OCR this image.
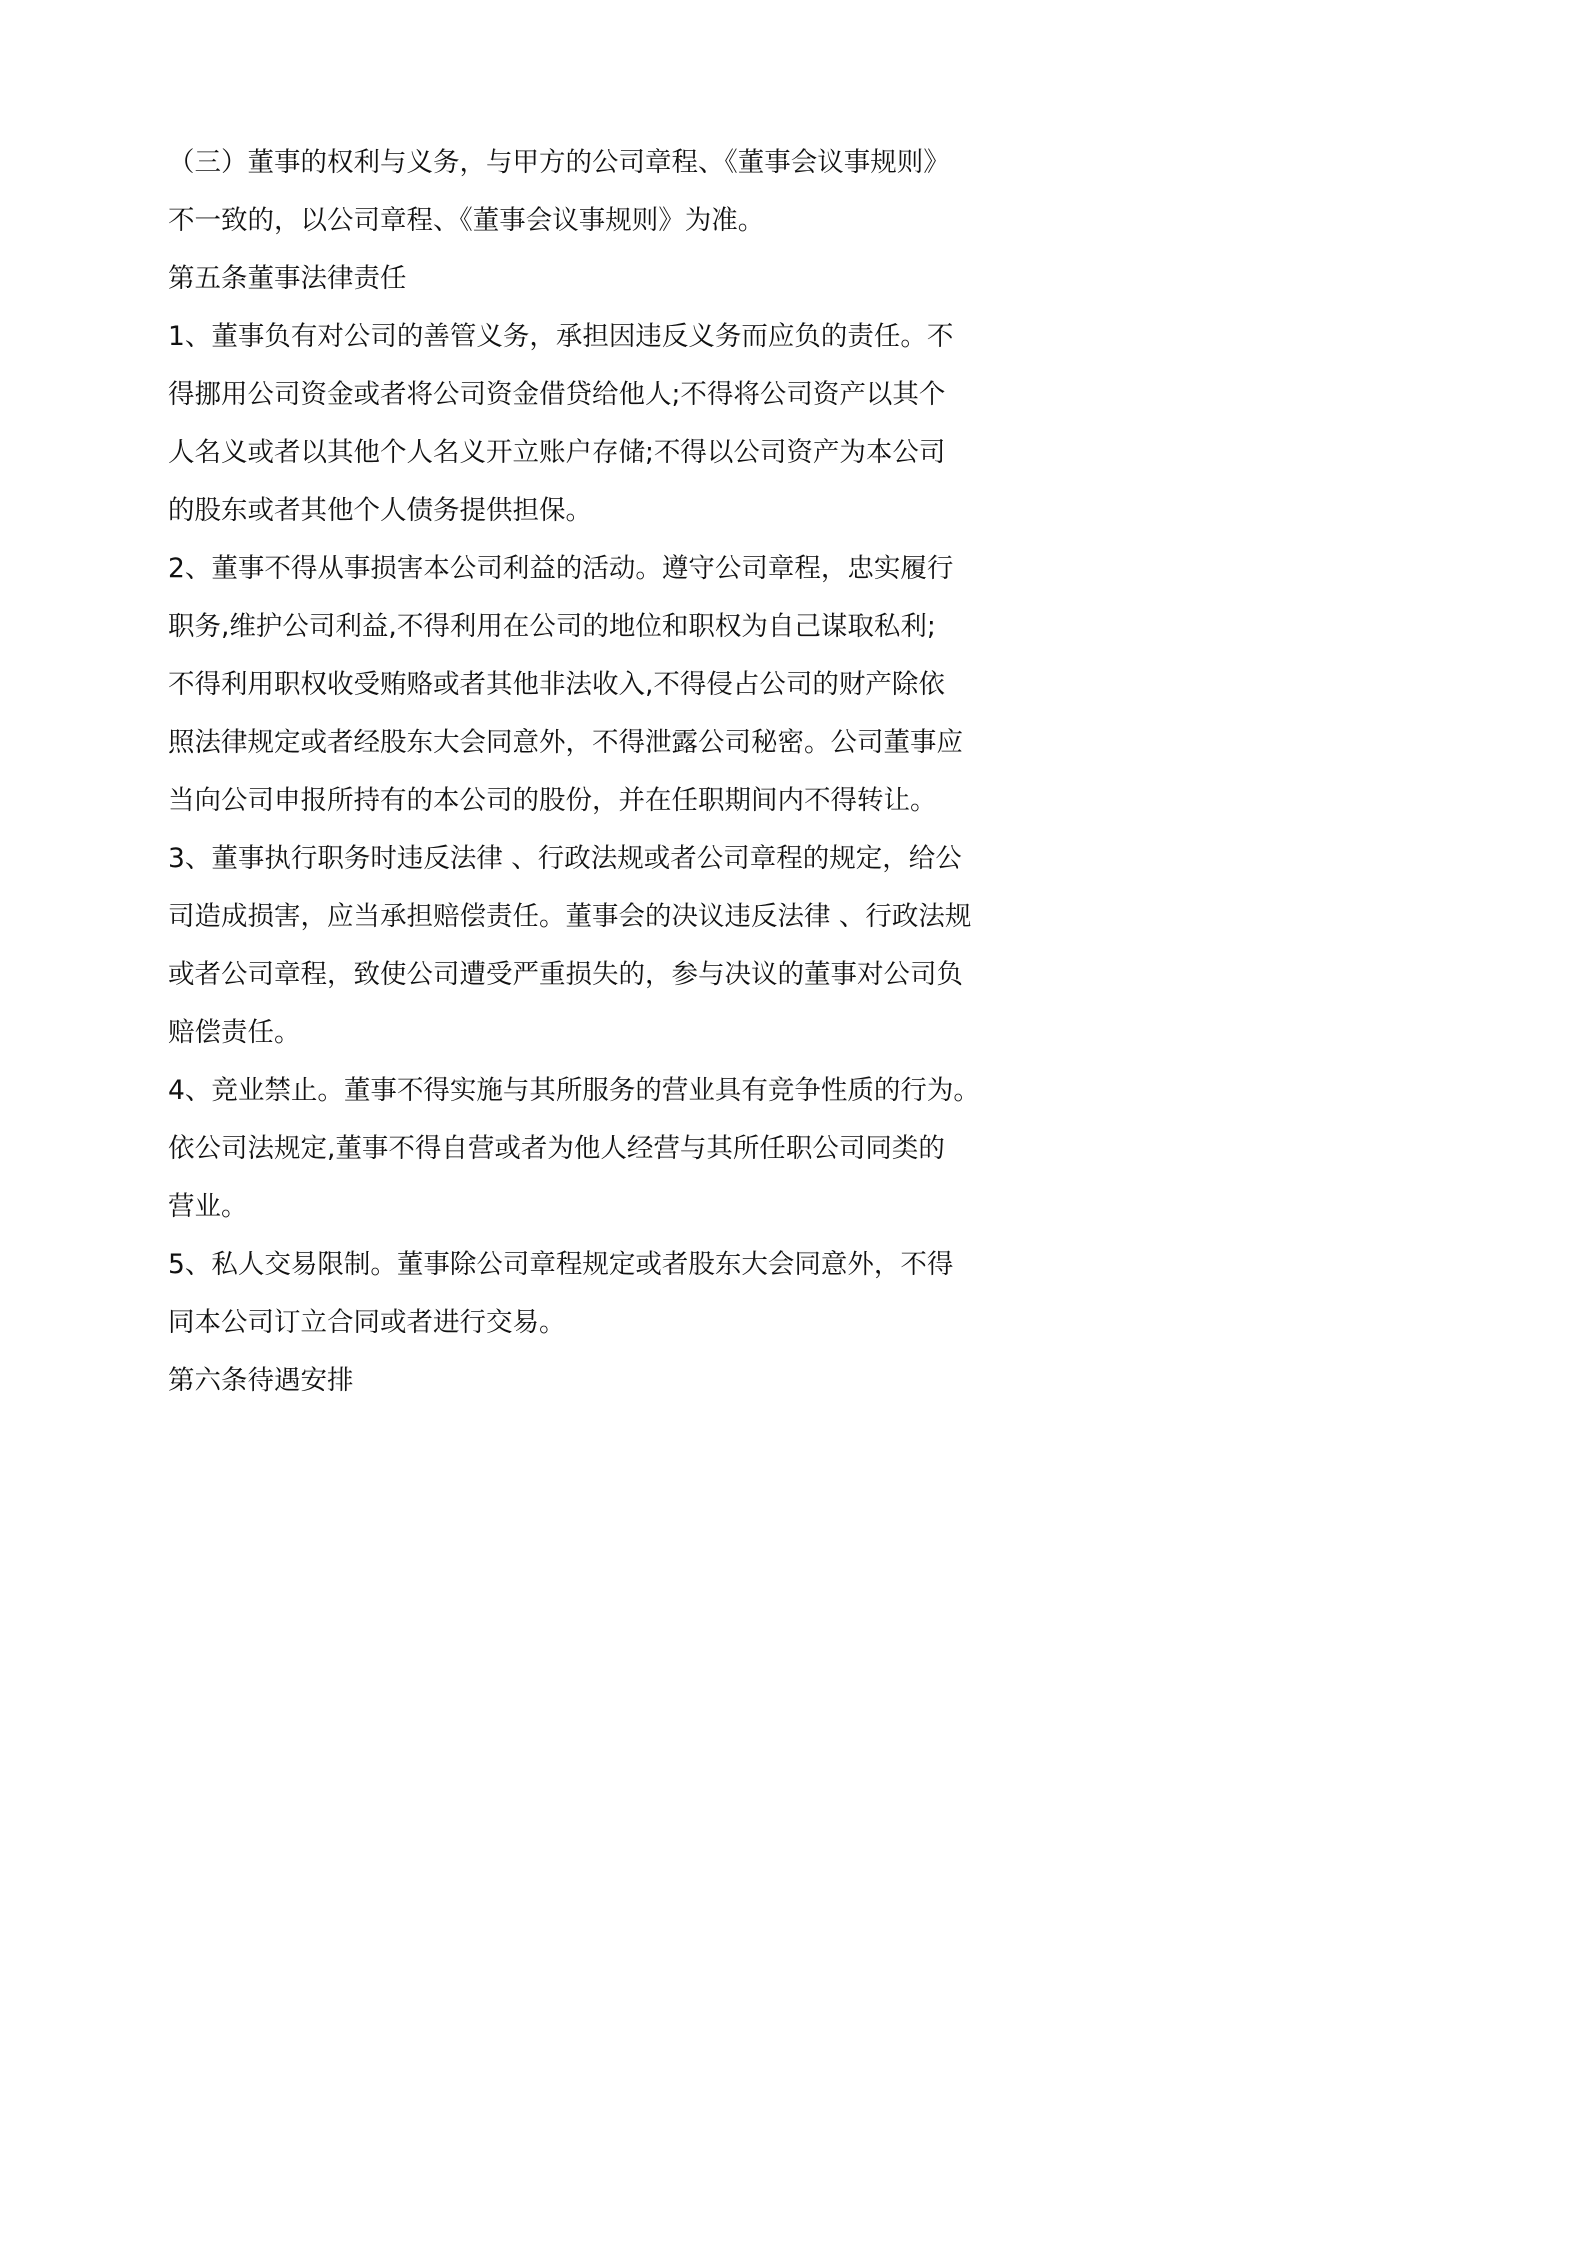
（三）董事的权利与义务，与甲方的公司章程、《董事会议事规则》
不一致的，以公司章程、《董事会议事规则》为准。
第五条董事法律责任
1、董事负有对公司的善管义务，承担因违反义务而应负的责任。不
得挪用公司资金或者将公司资金借贷给他人;不得将公司资产以其个
人名义或者以其他个人名义开立账户存储;不得以公司资产为本公司
的股东或者其他个人债务提供担保。
2、董事不得从事损害本公司利益的活动。遵守公司章程，忠实履行
职务,维护公司利益,不得利用在公司的地位和职权为自己谋取私利;
不得利用职权收受贿赂或者其他非法收入,不得侵占公司的财产除依
照法律规定或者经股东大会同意外，不得泄露公司秘密。公司董事应
当向公司申报所持有的本公司的股份，并在任职期间内不得转让。
3、董事执行职务时违反法律 、行政法规或者公司章程的规定，给公
司造成损害，应当承担赔偿责任。董事会的决议违反法律 、行政法规
或者公司章程，致使公司遭受严重损失的，参与决议的董事对公司负
赔偿责任。
4、竞业禁止。董事不得实施与其所服务的营业具有竞争性质的行为。
依公司法规定,董事不得自营或者为他人经营与其所任职公司同类的
营业。
5、私人交易限制。董事除公司章程规定或者股东大会同意外，不得
同本公司订立合同或者进行交易。
第六条待遇安排
